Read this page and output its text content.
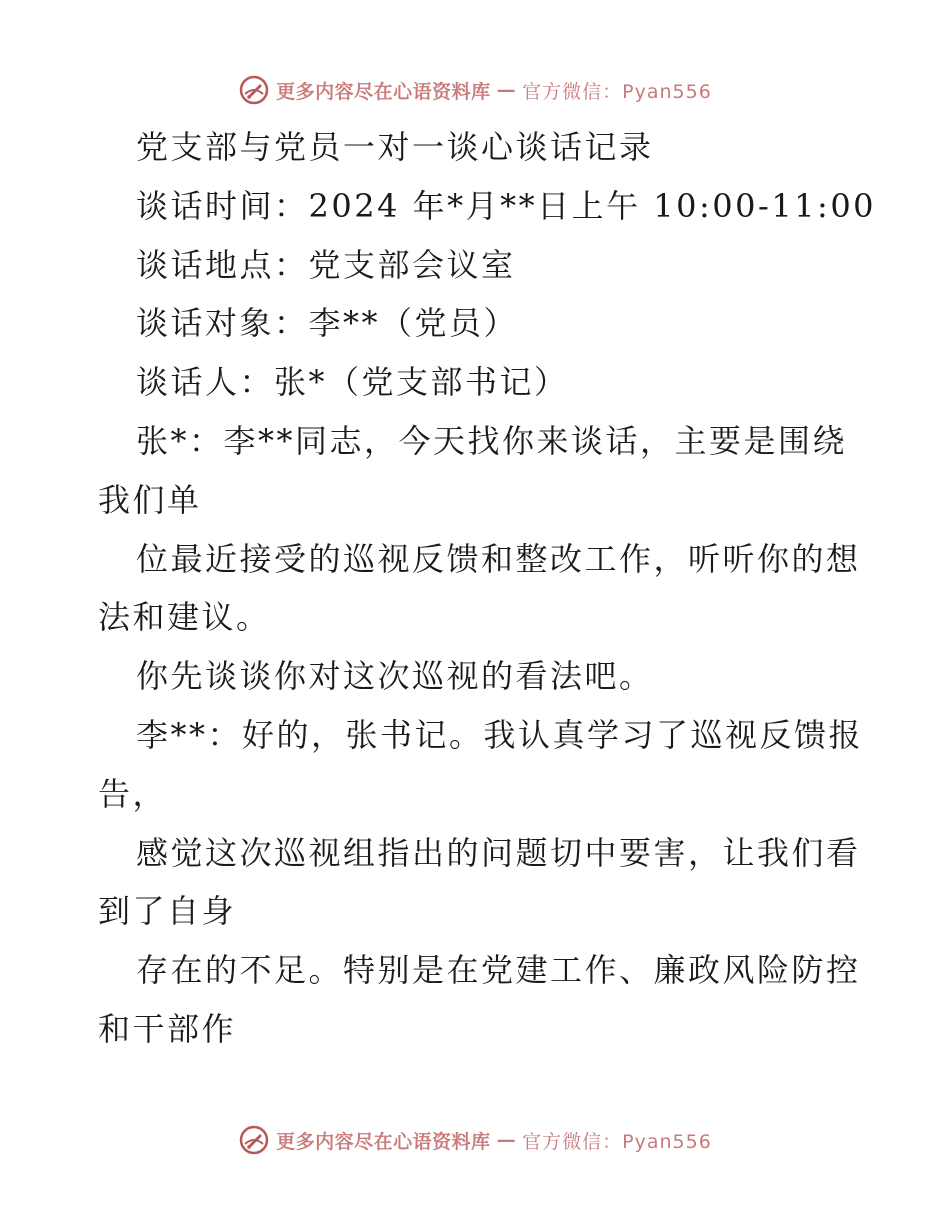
更多内容尽在心语资料库 — 官方微信：Pyan556
党支部与党员一对一谈心谈话记录
谈话时间：2024 年*月**日上午 10:00-11:00
谈话地点：党支部会议室
谈话对象：李**（党员）
谈话人：张*（党支部书记）
张*：李**同志，今天找你来谈话，主要是围绕
我们单
位最近接受的巡视反馈和整改工作，听听你的想
法和建议。
你先谈谈你对这次巡视的看法吧。
李**：好的，张书记。我认真学习了巡视反馈报
告，
感觉这次巡视组指出的问题切中要害，让我们看
到了自身
存在的不足。特别是在党建工作、廉政风险防控
和干部作
更多内容尽在心语资料库 — 官方微信：Pyan556
